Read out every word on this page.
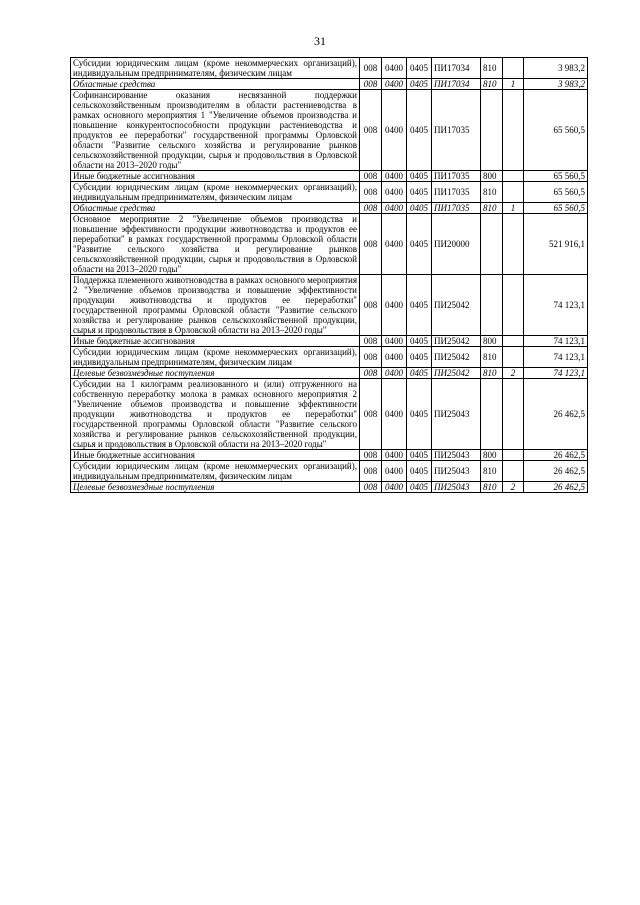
31
Субсидии юридическим лицам (кроме некоммерческих организаций), индивидуальным предпринимателям, физическим лицам	008	0400	0405	ПИ17034	810		3 983,2
Областные средства	008	0400	0405	ПИ17034	810	1	3 983,2
Софинансирование оказания несвязанной поддержки сельскохозяйственным производителям в области растениеводства в рамках основного мероприятия 1 "Увеличение объемов производства и повышение конкурентоспособности продукции растениеводства и продуктов ее переработки" государственной программы Орловской области "Развитие сельского хозяйства и регулирование рынков сельскохозяйственной продукции, сырья и продовольствия в Орловской области на 2013–2020 годы"	008	0400	0405	ПИ17035			65 560,5
Иные бюджетные ассигнования	008	0400	0405	ПИ17035	800		65 560,5
Субсидии юридическим лицам (кроме некоммерческих организаций), индивидуальным предпринимателям, физическим лицам	008	0400	0405	ПИ17035	810		65 560,5
Областные средства	008	0400	0405	ПИ17035	810	1	65 560,5
Основное мероприятие 2 "Увеличение объемов производства и повышение эффективности продукции животноводства и продуктов ее переработки" в рамках государственной программы Орловской области "Развитие сельского хозяйства и регулирование рынков сельскохозяйственной продукции, сырья и продовольствия в Орловской области на 2013–2020 годы"	008	0400	0405	ПИ20000			521 916,1
Поддержка племенного животноводства в рамках основного мероприятия 2 "Увеличение объемов производства и повышение эффективности продукции животноводства и продуктов ее переработки" государственной программы Орловской области "Развитие сельского хозяйства и регулирование рынков сельскохозяйственной продукции, сырья и продовольствия в Орловской области на 2013–2020 годы"	008	0400	0405	ПИ25042			74 123,1
Иные бюджетные ассигнования	008	0400	0405	ПИ25042	800		74 123,1
Субсидии юридическим лицам (кроме некоммерческих организаций), индивидуальным предпринимателям, физическим лицам	008	0400	0405	ПИ25042	810		74 123,1
Целевые безвозмездные поступления	008	0400	0405	ПИ25042	810	2	74 123,1
Субсидии на 1 килограмм реализованного и (или) отгруженного на собственную переработку молока в рамках основного мероприятия 2 "Увеличение объемов производства и повышение эффективности продукции животноводства и продуктов ее переработки" государственной программы Орловской области "Развитие сельского хозяйства и регулирование рынков сельскохозяйственной продукции, сырья и продовольствия в Орловской области на 2013–2020 годы"	008	0400	0405	ПИ25043			26 462,5
Иные бюджетные ассигнования	008	0400	0405	ПИ25043	800		26 462,5
Субсидии юридическим лицам (кроме некоммерческих организаций), индивидуальным предпринимателям, физическим лицам	008	0400	0405	ПИ25043	810		26 462,5
Целевые безвозмездные поступления	008	0400	0405	ПИ25043	810	2	26 462,5
